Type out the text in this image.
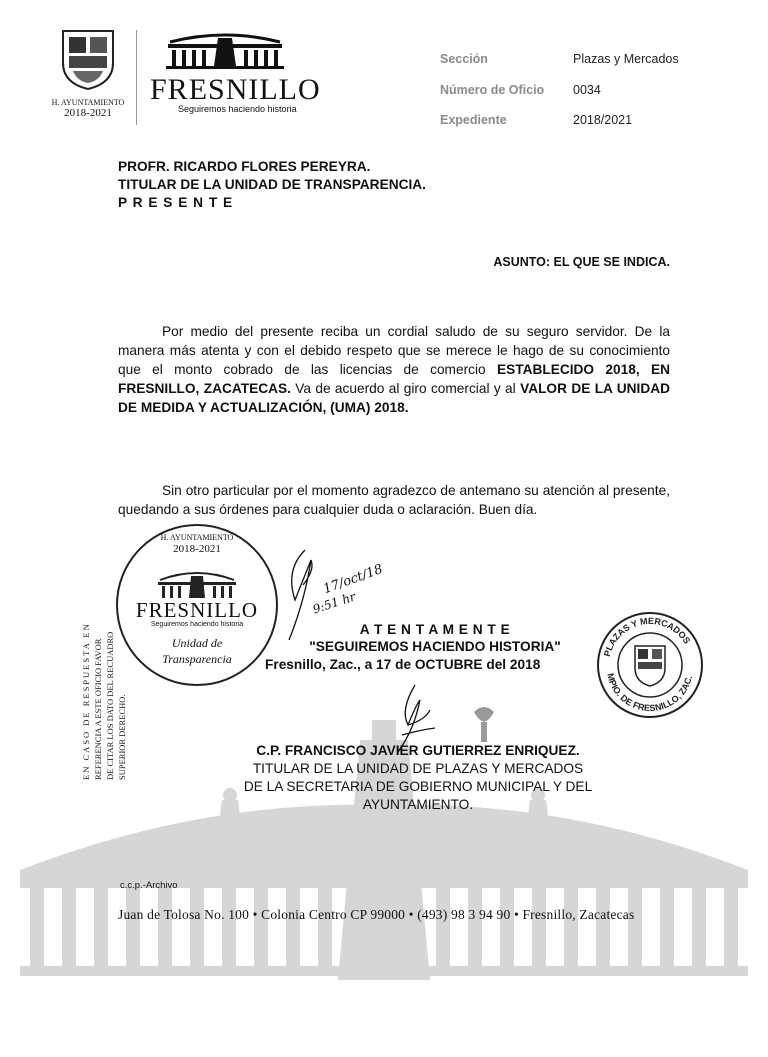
H. AYUNTAMIENTO
2018-2021
FRESNILLO
Seguiremos haciendo historia
Sección	Plazas y Mercados
Número de Oficio 0034
Expediente	2018/2021
PROFR. RICARDO FLORES PEREYRA.
TITULAR DE LA UNIDAD DE TRANSPARENCIA.
P R E S E N T E
ASUNTO: EL QUE SE INDICA.
Por medio del presente reciba un cordial saludo de su seguro servidor. De la manera más atenta y con el debido respeto que se merece le hago de su conocimiento que el monto cobrado de las licencias de comercio ESTABLECIDO 2018, EN FRESNILLO, ZACATECAS. Va de acuerdo al giro comercial y al VALOR DE LA UNIDAD DE MEDIDA Y ACTUALIZACIÓN, (UMA) 2018.
Sin otro particular por el momento agradezco de antemano su atención al presente, quedando a sus órdenes para cualquier duda o aclaración. Buen día.
H. AYUNTAMIENTO
2018-2021
FRESNILLO
Seguiremos haciendo historia
Unidad de
Transparencia
17/oct/18
9:51 hr
EN CASO DE RESPUESTA EN REFERENCIA A ESTE OFICIO FAVOR DE CITAR LOS DATO DEL RECUADRO SUPERIOR DERECHO.
A T E N T A M E N T E
"SEGUIREMOS HACIENDO HISTORIA"
Fresnillo, Zac., a 17 de OCTUBRE del 2018
PLAZAS Y MERCADOS
MPIO. DE FRESNILLO, ZAC.
C.P. FRANCISCO JAVIER GUTIERREZ ENRIQUEZ.
TITULAR DE LA UNIDAD DE PLAZAS Y MERCADOS
DE LA SECRETARIA DE GOBIERNO MUNICIPAL Y DEL
AYUNTAMIENTO.
c.c.p.-Archivo
Juan de Tolosa No. 100 • Colonia Centro CP 99000 • (493) 98 3 94 90 • Fresnillo, Zacatecas
